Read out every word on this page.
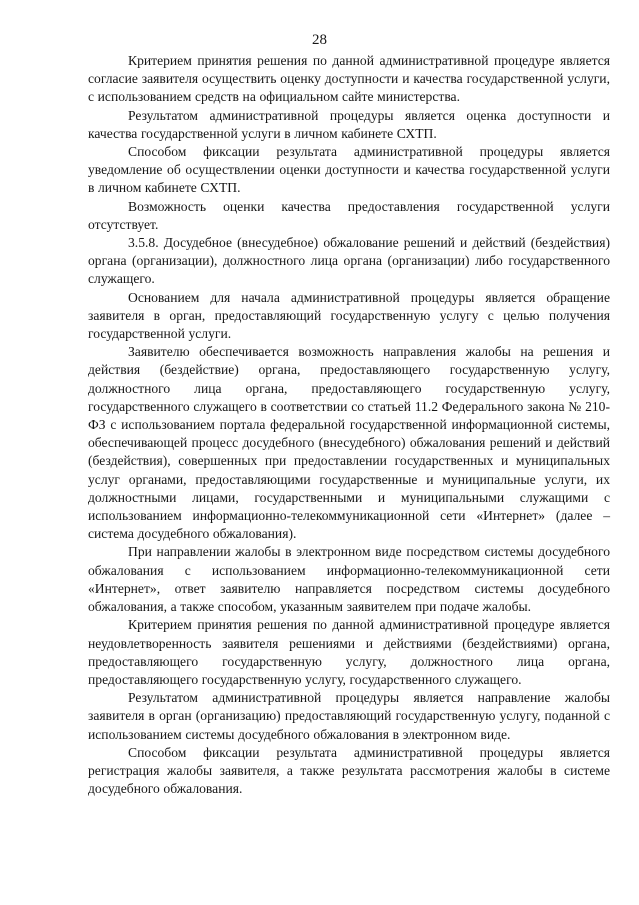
28

Критерием принятия решения по данной административной процедуре является согласие заявителя осуществить оценку доступности и качества государственной услуги, с использованием средств на официальном сайте министерства.

Результатом административной процедуры является оценка доступности и качества государственной услуги в личном кабинете СХТП.

Способом фиксации результата административной процедуры является уведомление об осуществлении оценки доступности и качества государственной услуги в личном кабинете СХТП.

Возможность оценки качества предоставления государственной услуги отсутствует.

3.5.8. Досудебное (внесудебное) обжалование решений и действий (бездействия) органа (организации), должностного лица органа (организации) либо государственного служащего.

Основанием для начала административной процедуры является обращение заявителя в орган, предоставляющий государственную услугу с целью получения государственной услуги.

Заявителю обеспечивается возможность направления жалобы на решения и действия (бездействие) органа, предоставляющего государственную услугу, должностного лица органа, предоставляющего государственную услугу, государственного служащего в соответствии со статьей 11.2 Федерального закона № 210-ФЗ с использованием портала федеральной государственной информационной системы, обеспечивающей процесс досудебного (внесудебного) обжалования решений и действий (бездействия), совершенных при предоставлении государственных и муниципальных услуг органами, предоставляющими государственные и муниципальные услуги, их должностными лицами, государственными и муниципальными служащими с использованием информационно-телекоммуникационной сети «Интернет» (далее – система досудебного обжалования).

При направлении жалобы в электронном виде посредством системы досудебного обжалования с использованием информационно-телекоммуникационной сети «Интернет», ответ заявителю направляется посредством системы досудебного обжалования, а также способом, указанным заявителем при подаче жалобы.

Критерием принятия решения по данной административной процедуре является неудовлетворенность заявителя решениями и действиями (бездействиями) органа, предоставляющего государственную услугу, должностного лица органа, предоставляющего государственную услугу, государственного служащего.

Результатом административной процедуры является направление жалобы заявителя в орган (организацию) предоставляющий государственную услугу, поданной с использованием системы досудебного обжалования в электронном виде.

Способом фиксации результата административной процедуры является регистрация жалобы заявителя, а также результата рассмотрения жалобы в системе досудебного обжалования.
